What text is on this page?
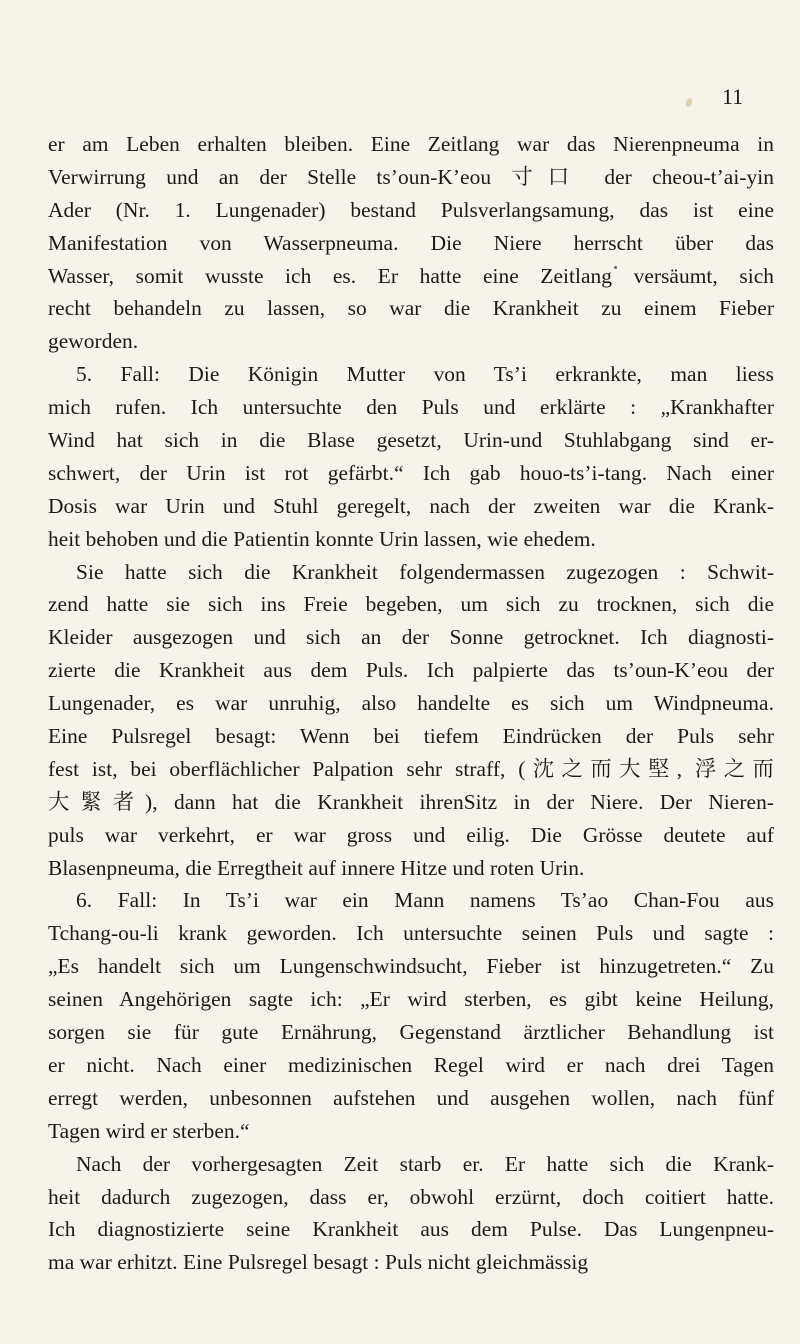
11
er am Leben erhalten bleiben. Eine Zeitlang war das Nierenpneuma in
Verwirrung und an der Stelle ts’oun-K’eou 寸口 der cheou-t’ai-yin
Ader (Nr. 1. Lungenader) bestand Pulsverlangsamung, das ist eine
Manifestation von Wasserpneuma. Die Niere herrscht über das
Wasser, somit wusste ich es. Er hatte eine Zeitlang versäumt, sich
recht behandeln zu lassen, so war die Krankheit zu einem Fieber
geworden.
5. Fall: Die Königin Mutter von Ts’i erkrankte, man liess
mich rufen. Ich untersuchte den Puls und erklärte : „Krankhafter
Wind hat sich in die Blase gesetzt, Urin-und Stuhlabgang sind er-
schwert, der Urin ist rot gefärbt.“ Ich gab houo-ts’i-tang. Nach einer
Dosis war Urin und Stuhl geregelt, nach der zweiten war die Krank-
heit behoben und die Patientin konnte Urin lassen, wie ehedem.
Sie hatte sich die Krankheit folgendermassen zugezogen : Schwit-
zend hatte sie sich ins Freie begeben, um sich zu trocknen, sich die
Kleider ausgezogen und sich an der Sonne getrocknet. Ich diagnosti-
zierte die Krankheit aus dem Puls. Ich palpierte das ts’oun-K’eou der
Lungenader, es war unruhig, also handelte es sich um Windpneuma.
Eine Pulsregel besagt: Wenn bei tiefem Eindrücken der Puls sehr
fest ist, bei oberflächlicher Palpation sehr straff, (沈之而大堅, 浮之而
大緊者), dann hat die Krankheit ihrenSitz in der Niere. Der Nieren-
puls war verkehrt, er war gross und eilig. Die Grösse deutete auf
Blasenpneuma, die Erregtheit auf innere Hitze und roten Urin.
6. Fall: In Ts’i war ein Mann namens Ts’ao Chan-Fou aus
Tchang-ou-li krank geworden. Ich untersuchte seinen Puls und sagte :
„Es handelt sich um Lungenschwindsucht, Fieber ist hinzugetreten.“ Zu
seinen Angehörigen sagte ich: „Er wird sterben, es gibt keine Heilung,
sorgen sie für gute Ernährung, Gegenstand ärztlicher Behandlung ist
er nicht. Nach einer medizinischen Regel wird er nach drei Tagen
erregt werden, unbesonnen aufstehen und ausgehen wollen, nach fünf
Tagen wird er sterben.“
Nach der vorhergesagten Zeit starb er. Er hatte sich die Krank-
heit dadurch zugezogen, dass er, obwohl erzürnt, doch coitiert hatte.
Ich diagnostizierte seine Krankheit aus dem Pulse. Das Lungenpneu-
ma war erhitzt. Eine Pulsregel besagt : Puls nicht gleichmässig
